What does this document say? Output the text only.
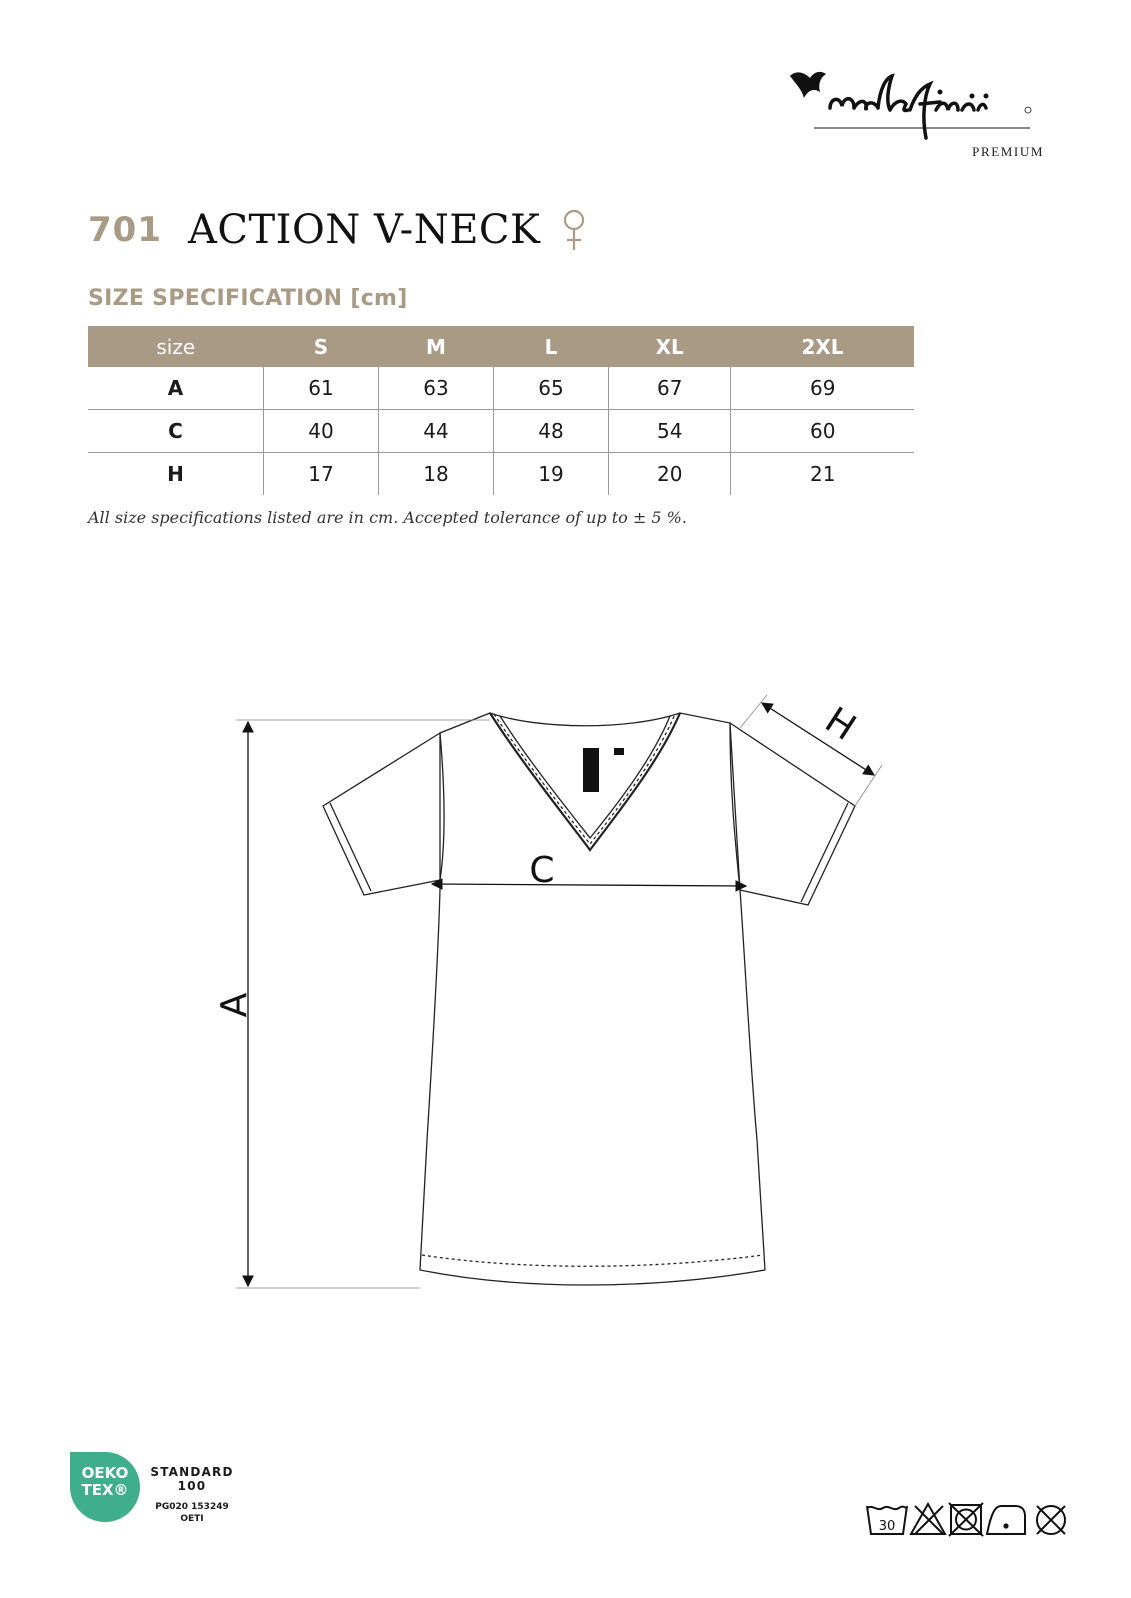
PREMIUM
701 ACTION V-NECK
SIZE SPECIFICATION [cm]
size	S	M	L	XL	2XL
A	61	63	65	67	69
C	40	44	48	54	60
H	17	18	19	20	21
All size specifications listed are in cm. Accepted tolerance of up to ± 5 %.
A
C
H
OEKO
TEX®
STANDARD
100
PG020 153249
OETI	30
